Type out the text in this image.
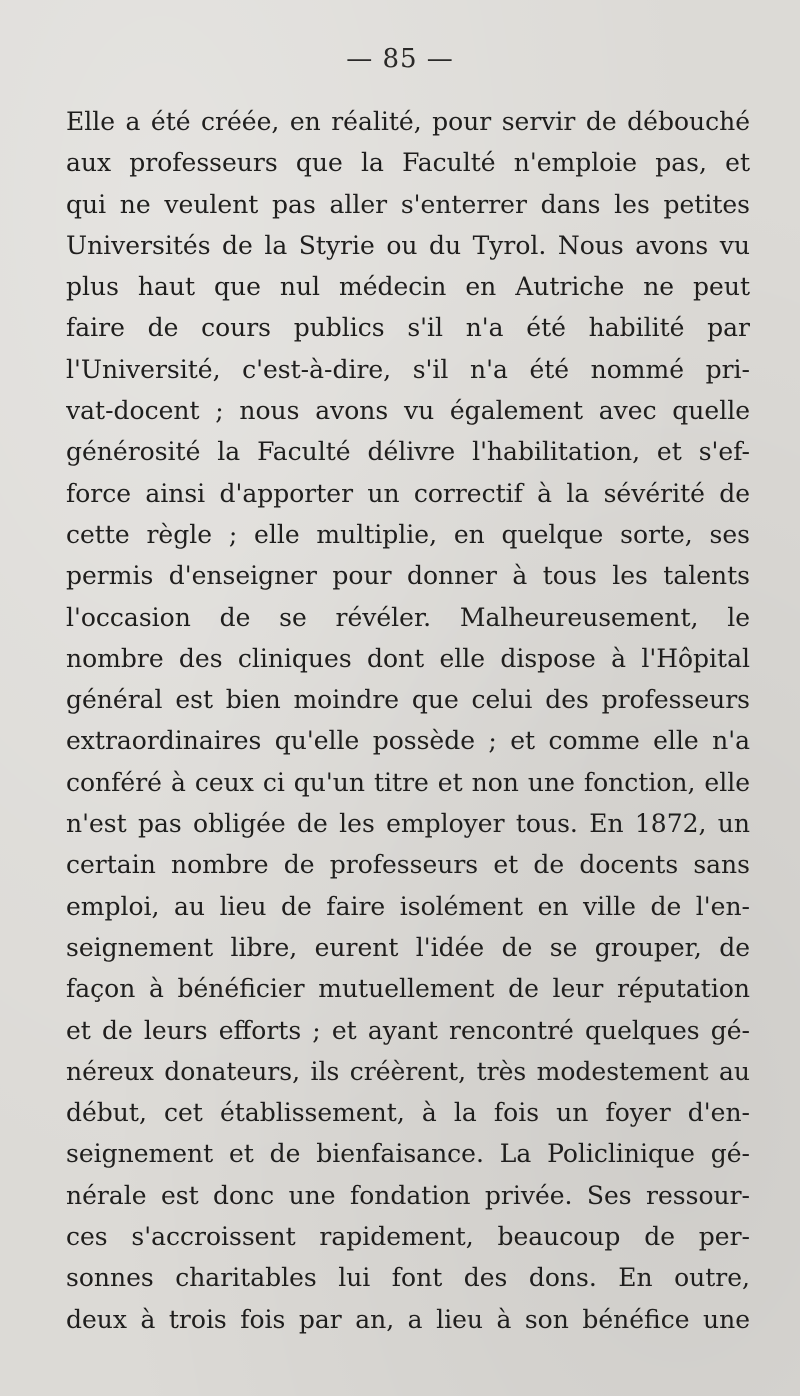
— 85 —
Elle a été créée, en réalité, pour servir de débouché
aux professeurs que la Faculté n'emploie pas, et
qui ne veulent pas aller s'enterrer dans les petites
Universités de la Styrie ou du Tyrol. Nous avons vu
plus haut que nul médecin en Autriche ne peut
faire de cours publics s'il n'a été habilité par
l'Université, c'est-à-dire, s'il n'a été nommé pri-
vat-docent ; nous avons vu également avec quelle
générosité la Faculté délivre l'habilitation, et s'ef-
force ainsi d'apporter un correctif à la sévérité de
cette règle ; elle multiplie, en quelque sorte, ses
permis d'enseigner pour donner à tous les talents
l'occasion de se révéler. Malheureusement, le
nombre des cliniques dont elle dispose à l'Hôpital
général est bien moindre que celui des professeurs
extraordinaires qu'elle possède ; et comme elle n'a
conféré à ceux ci qu'un titre et non une fonction, elle
n'est pas obligée de les employer tous. En 1872, un
certain nombre de professeurs et de docents sans
emploi, au lieu de faire isolément en ville de l'en-
seignement libre, eurent l'idée de se grouper, de
façon à bénéficier mutuellement de leur réputation
et de leurs efforts ; et ayant rencontré quelques gé-
néreux donateurs, ils créèrent, très modestement au
début, cet établissement, à la fois un foyer d'en-
seignement et de bienfaisance. La Policlinique gé-
nérale est donc une fondation privée. Ses ressour-
ces s'accroissent rapidement, beaucoup de per-
sonnes charitables lui font des dons. En outre,
deux à trois fois par an, a lieu à son bénéfice une
